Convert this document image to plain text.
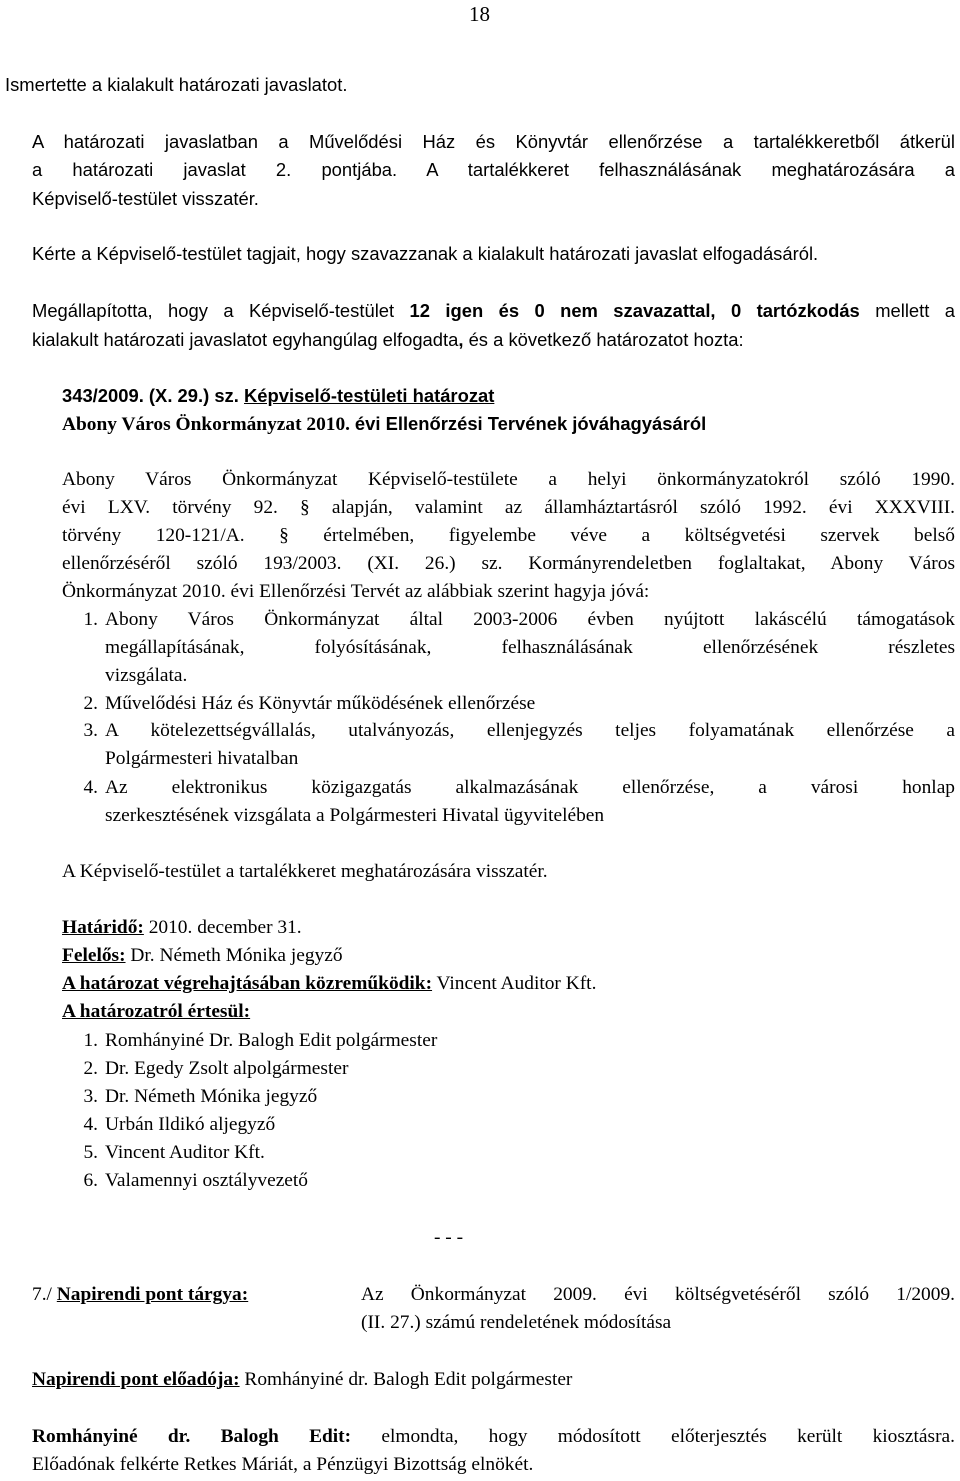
18
Ismertette a kialakult határozati javaslatot.
A határozati javaslatban a Művelődési Ház és Könyvtár ellenőrzése a tartalékkeretből átkerül
a határozati javaslat 2. pontjába. A tartalékkeret felhasználásának meghatározására a
Képviselő-testület visszatér.
Kérte a Képviselő-testület tagjait, hogy szavazzanak a kialakult határozati javaslat elfogadásáról.
Megállapította, hogy a Képviselő-testület 12 igen és 0 nem szavazattal, 0 tartózkodás mellett a
kialakult határozati javaslatot egyhangúlag elfogadta, és a következő határozatot hozta:
343/2009. (X. 29.) sz. Képviselő-testületi határozat
Abony Város Önkormányzat 2010. évi Ellenőrzési Tervének jóváhagyásáról
Abony Város Önkormányzat Képviselő-testülete a helyi önkormányzatokról szóló 1990.
évi LXV. törvény 92. § alapján, valamint az államháztartásról szóló 1992. évi XXXVIII.
törvény 120-121/A. § értelmében, figyelembe véve a költségvetési szervek belső
ellenőrzéséről szóló 193/2003. (XI. 26.) sz. Kormányrendeletben foglaltakat, Abony Város
Önkormányzat 2010. évi Ellenőrzési Tervét az alábbiak szerint hagyja jóvá:
1. Abony Város Önkormányzat által 2003-2006 évben nyújtott lakáscélú támogatások
megállapításának, folyósításának, felhasználásának ellenőrzésének részletes
vizsgálata.
2. Művelődési Ház és Könyvtár működésének ellenőrzése
3. A kötelezettségvállalás, utalványozás, ellenjegyzés teljes folyamatának ellenőrzése a
Polgármesteri hivatalban
4. Az elektronikus közigazgatás alkalmazásának ellenőrzése, a városi honlap
szerkesztésének vizsgálata a Polgármesteri Hivatal ügyvitelében
A Képviselő-testület a tartalékkeret meghatározására visszatér.
Határidő: 2010. december 31.
Felelős: Dr. Németh Mónika jegyző
A határozat végrehajtásában közreműködik: Vincent Auditor Kft.
A határozatról értesül:
1. Romhányiné Dr. Balogh Edit polgármester
2. Dr. Egedy Zsolt alpolgármester
3. Dr. Németh Mónika jegyző
4. Urbán Ildikó aljegyző
5. Vincent Auditor Kft.
6. Valamennyi osztályvezető
- - -
7./ Napirendi pont tárgya:	Az Önkormányzat 2009. évi költségvetéséről szóló 1/2009.
(II. 27.) számú rendeletének módosítása
Napirendi pont előadója: Romhányiné dr. Balogh Edit polgármester
Romhányiné dr. Balogh Edit: elmondta, hogy módosított előterjesztés került kiosztásra.
Előadónak felkérte Retkes Máriát, a Pénzügyi Bizottság elnökét.
